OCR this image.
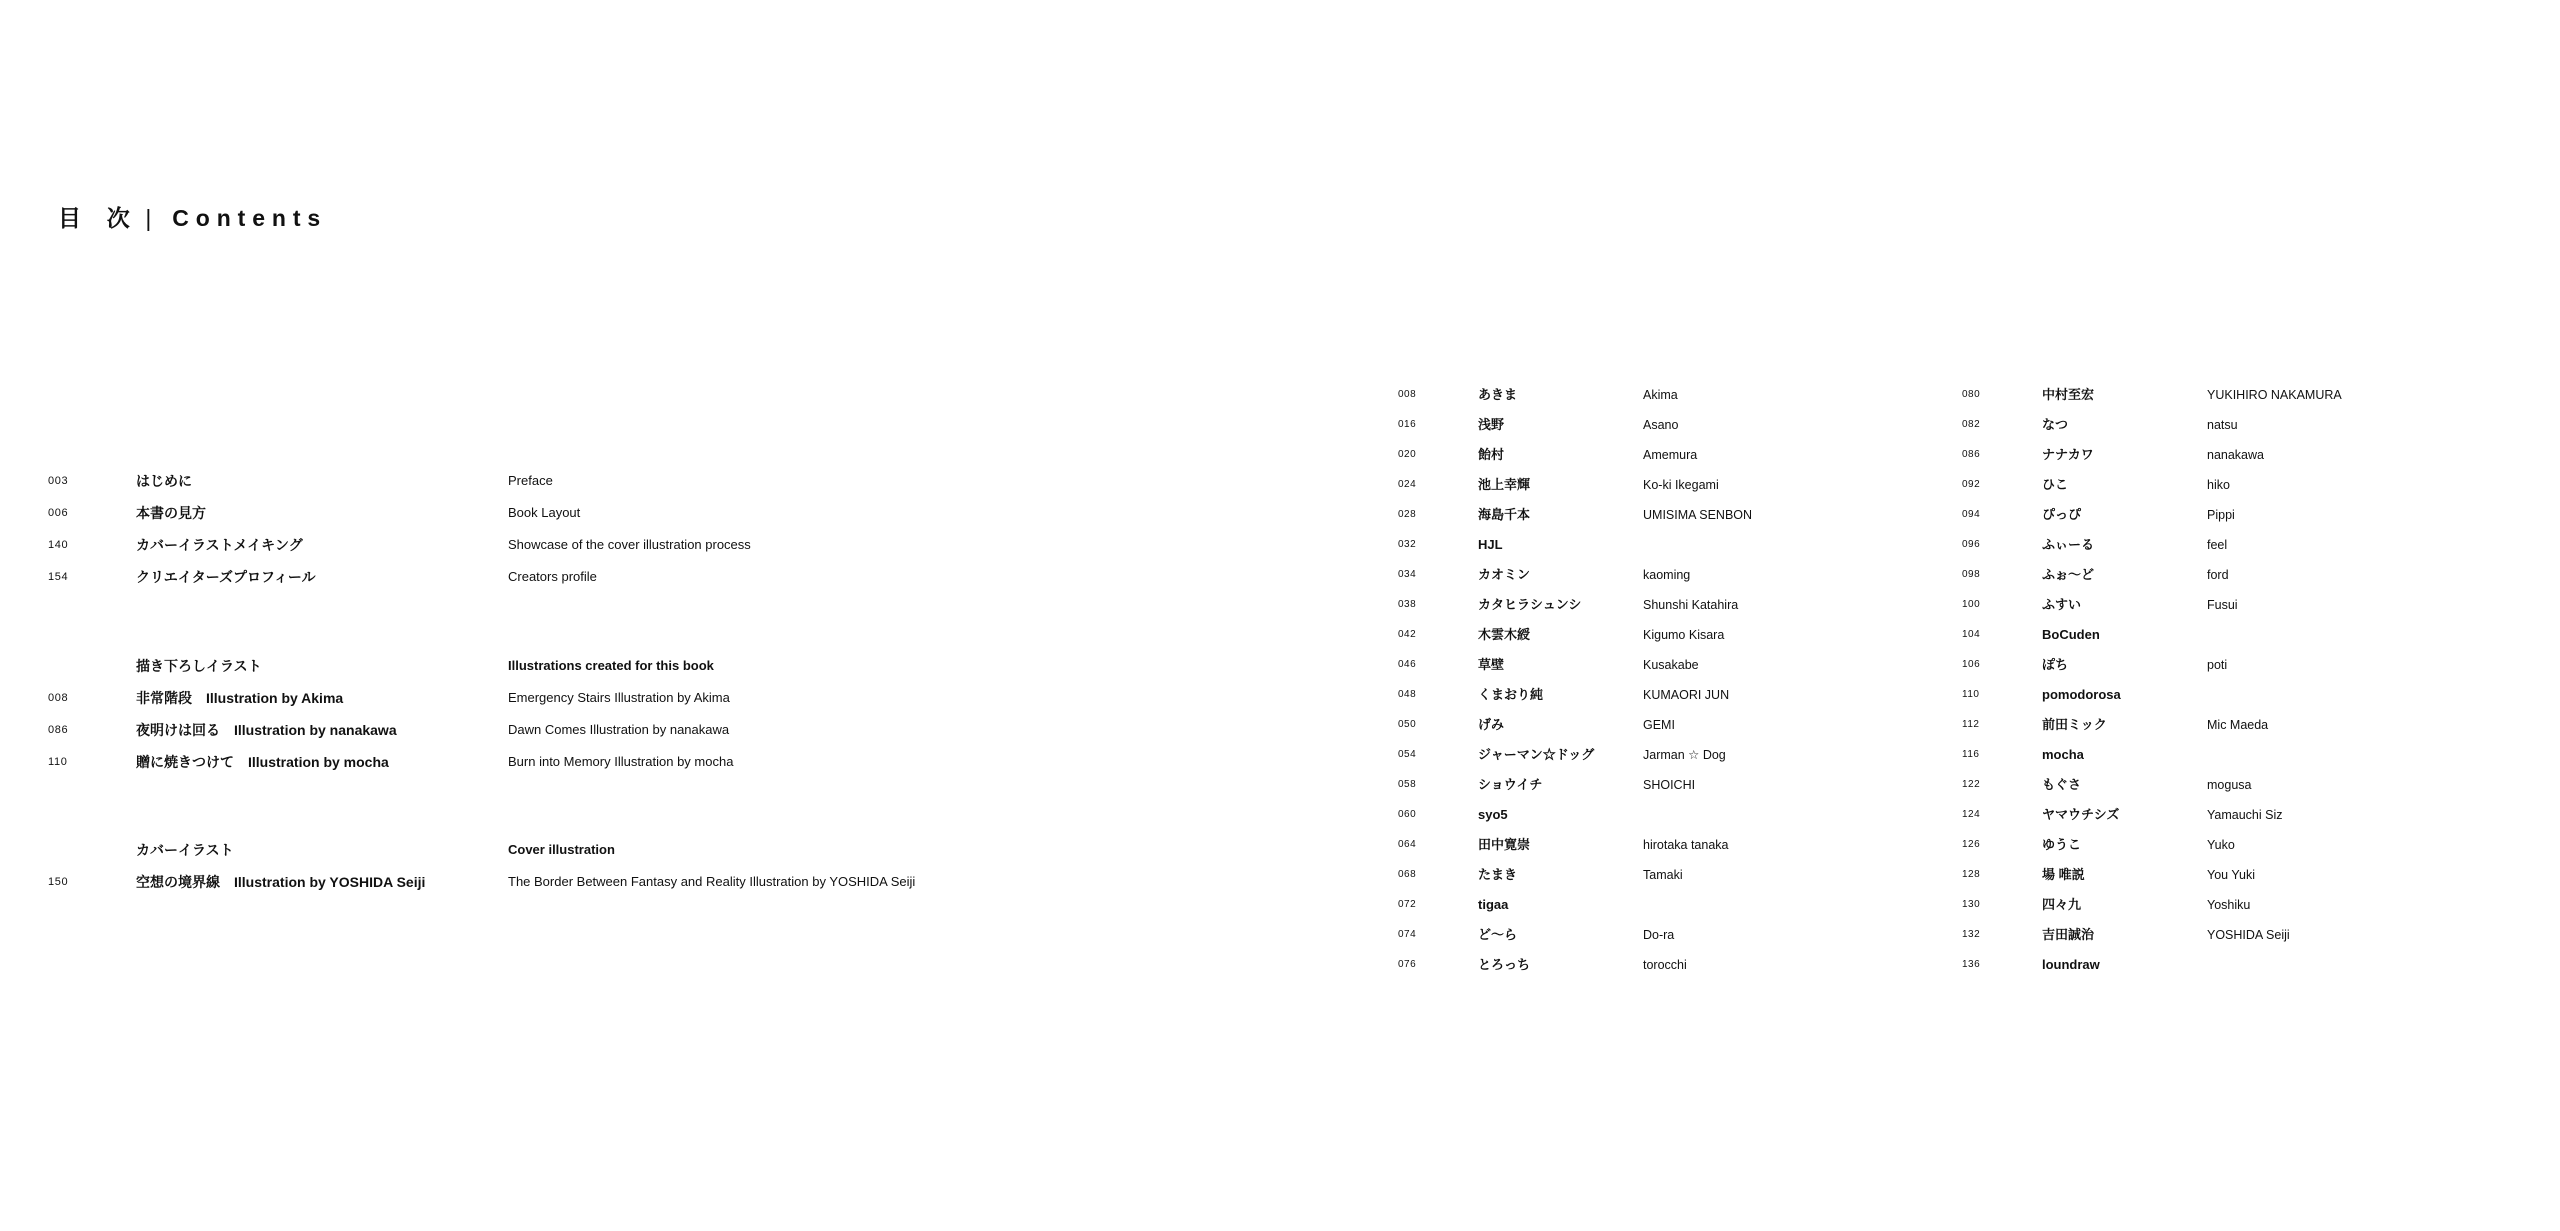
目 次 | Contents
003	はじめに	Preface
006	本書の見方	Book Layout
140	カバーイラストメイキング	Showcase of the cover illustration process
154	クリエイターズプロフィール	Creators profile
描き下ろしイラスト	Illustrations created for this book
008	非常階段　Illustration by Akima	Emergency Stairs Illustration by Akima
086	夜明けは回る　Illustration by nanakawa	Dawn Comes Illustration by nanakawa
110	贈に焼きつけて　Illustration by mocha	Burn into Memory Illustration by mocha
カバーイラスト	Cover illustration
150	空想の境界線　Illustration by YOSHIDA Seiji	The Border Between Fantasy and Reality Illustration by YOSHIDA Seiji
008	あきま	Akima
016	浅野	Asano
020	飴村	Amemura
024	池上幸輝	Ko-ki Ikegami
028	海島千本	UMISIMA SENBON
032	HJL
034	カオミン	kaoming
038	カタヒラシュンシ	Shunshi Katahira
042	木雲木綬	Kigumo Kisara
046	草壁	Kusakabe
048	くまおり純	KUMAORI JUN
050	げみ	GEMI
054	ジャーマン☆ドッグ	Jarman ☆ Dog
058	ショウイチ	SHOICHI
060	syo5
064	田中寛崇	hirotaka tanaka
068	たまき	Tamaki
072	tigaa
074	ど～ら	Do-ra
076	とろっち	torocchi
080	中村至宏	YUKIHIRO NAKAMURA
082	なつ	natsu
086	ナナカワ	nanakawa
092	ひこ	hiko
094	ぴっぴ	Pippi
096	ふぃーる	feel
098	ふぉ～ど	ford
100	ふすい	Fusui
104	BoCuden
106	ぽち	poti
110	pomodorosa
112	前田ミック	Mic Maeda
116	mocha
122	もぐさ	mogusa
124	ヤマウチシズ	Yamauchi Siz
126	ゆうこ	Yuko
128	場 唯説	You Yuki
130	四々九	Yoshiku
132	吉田誠治	YOSHIDA Seiji
136	loundraw
